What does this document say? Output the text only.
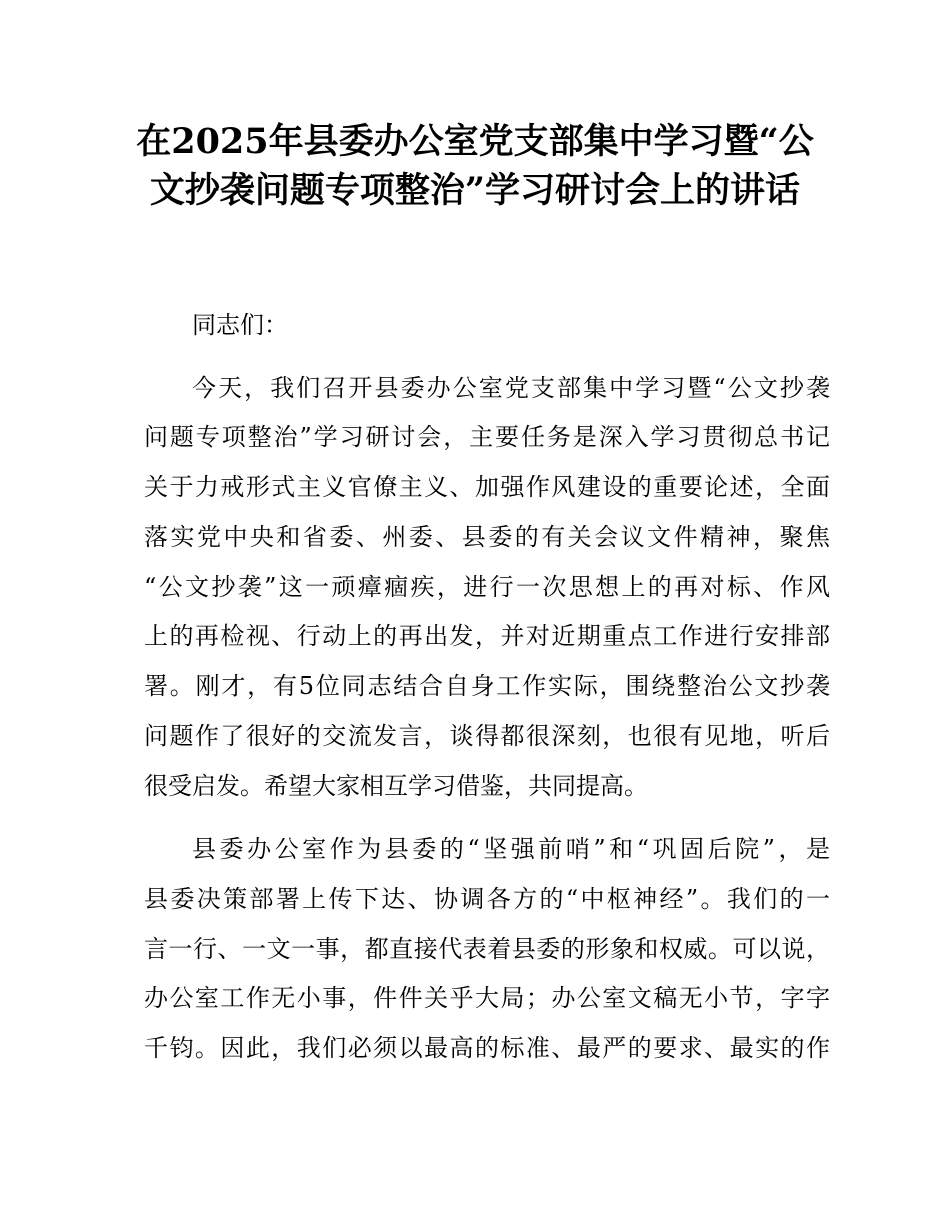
在2025年县委办公室党支部集中学习暨“公
文抄袭问题专项整治”学习研讨会上的讲话

同志们：

今天，我们召开县委办公室党支部集中学习暨“公文抄袭

问题专项整治”学习研讨会，主要任务是深入学习贯彻总书记

关于力戒形式主义官僚主义、加强作风建设的重要论述，全面

落实党中央和省委、州委、县委的有关会议文件精神，聚焦

“公文抄袭”这一顽瘴痼疾，进行一次思想上的再对标、作风

上的再检视、行动上的再出发，并对近期重点工作进行安排部

署。刚才，有5位同志结合自身工作实际，围绕整治公文抄袭

问题作了很好的交流发言，谈得都很深刻，也很有见地，听后

很受启发。希望大家相互学习借鉴，共同提高。

县委办公室作为县委的“坚强前哨”和“巩固后院”，是

县委决策部署上传下达、协调各方的“中枢神经”。我们的一

言一行、一文一事，都直接代表着县委的形象和权威。可以说，

办公室工作无小事，件件关乎大局；办公室文稿无小节，字字

千钧。因此，我们必须以最高的标准、最严的要求、最实的作
